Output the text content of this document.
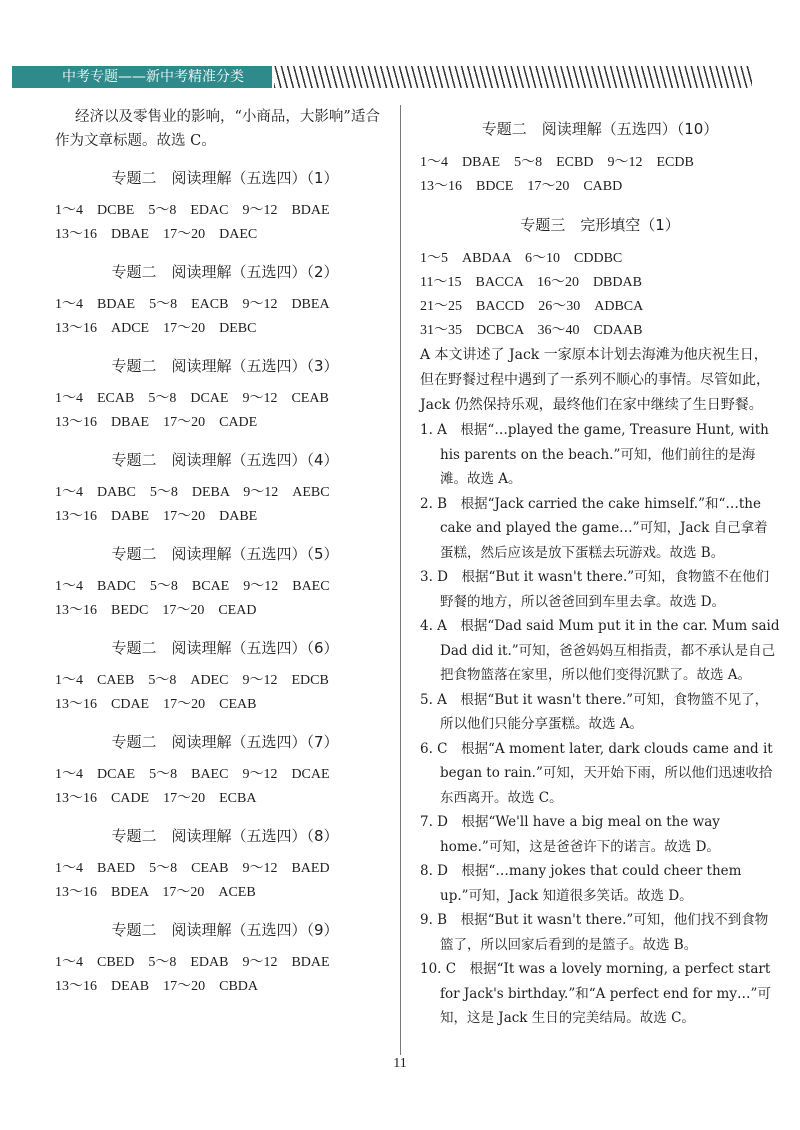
中考专题——新中考精准分类

经济以及零售业的影响，“小商品，大影响”适合

作为文章标题。故选 C。

专题二　阅读理解（五选四）（1）

1～4　DCBE　5～8　EDAC　9～12　BDAE

13～16　DBAE　17～20　DAEC

专题二　阅读理解（五选四）（2）

1～4　BDAE　5～8　EACB　9～12　DBEA

13～16　ADCE　17～20　DEBC

专题二　阅读理解（五选四）（3）

1～4　ECAB　5～8　DCAE　9～12　CEAB

13～16　DBAE　17～20　CADE

专题二　阅读理解（五选四）（4）

1～4　DABC　5～8　DEBA　9～12　AEBC

13～16　DABE　17～20　DABE

专题二　阅读理解（五选四）（5）

1～4　BADC　5～8　BCAE　9～12　BAEC

13～16　BEDC　17～20　CEAD

专题二　阅读理解（五选四）（6）

1～4　CAEB　5～8　ADEC　9～12　EDCB

13～16　CDAE　17～20　CEAB

专题二　阅读理解（五选四）（7）

1～4　DCAE　5～8　BAEC　9～12　DCAE

13～16　CADE　17～20　ECBA

专题二　阅读理解（五选四）（8）

1～4　BAED　5～8　CEAB　9～12　BAED

13～16　BDEA　17～20　ACEB

专题二　阅读理解（五选四）（9）

1～4　CBED　5～8　EDAB　9～12　BDAE

13～16　DEAB　17～20　CBDA

专题二　阅读理解（五选四）（10）

1～4　DBAE　5～8　ECBD　9～12　ECDB

13～16　BDCE　17～20　CABD

专题三　完形填空（1）

1～5　ABDAA　6～10　CDDBC

11～15　BACCA　16～20　DBDAB

21～25　BACCD　26～30　ADBCA

31～35　DCBCA　36～40　CDAAB

A 本文讲述了 Jack 一家原本计划去海滩为他庆祝生日，但在野餐过程中遇到了一系列不顺心的事情。尽管如此，Jack 仍然保持乐观，最终他们在家中继续了生日野餐。

1. A　根据“…played the game, Treasure Hunt, with his parents on the beach.”可知，他们前往的是海滩。故选 A。

2. B　根据“Jack carried the cake himself.”和“…the cake and played the game…”可知，Jack 自己拿着蛋糕，然后应该是放下蛋糕去玩游戏。故选 B。

3. D　根据“But it wasn't there.”可知，食物篮不在他们野餐的地方，所以爸爸回到车里去拿。故选 D。

4. A　根据“Dad said Mum put it in the car. Mum said Dad did it.”可知，爸爸妈妈互相指责，都不承认是自己把食物篮落在家里，所以他们变得沉默了。故选 A。

5. A　根据“But it wasn't there.”可知，食物篮不见了，所以他们只能分享蛋糕。故选 A。

6. C　根据“A moment later, dark clouds came and it began to rain.”可知，天开始下雨，所以他们迅速收拾东西离开。故选 C。

7. D　根据“We'll have a big meal on the way home.”可知，这是爸爸许下的诺言。故选 D。

8. D　根据“…many jokes that could cheer them up.”可知，Jack 知道很多笑话。故选 D。

9. B　根据“But it wasn't there.”可知，他们找不到食物篮了，所以回家后看到的是篮子。故选 B。

10. C　根据“It was a lovely morning, a perfect start for Jack's birthday.”和“A perfect end for my…”可知，这是 Jack 生日的完美结局。故选 C。

11
